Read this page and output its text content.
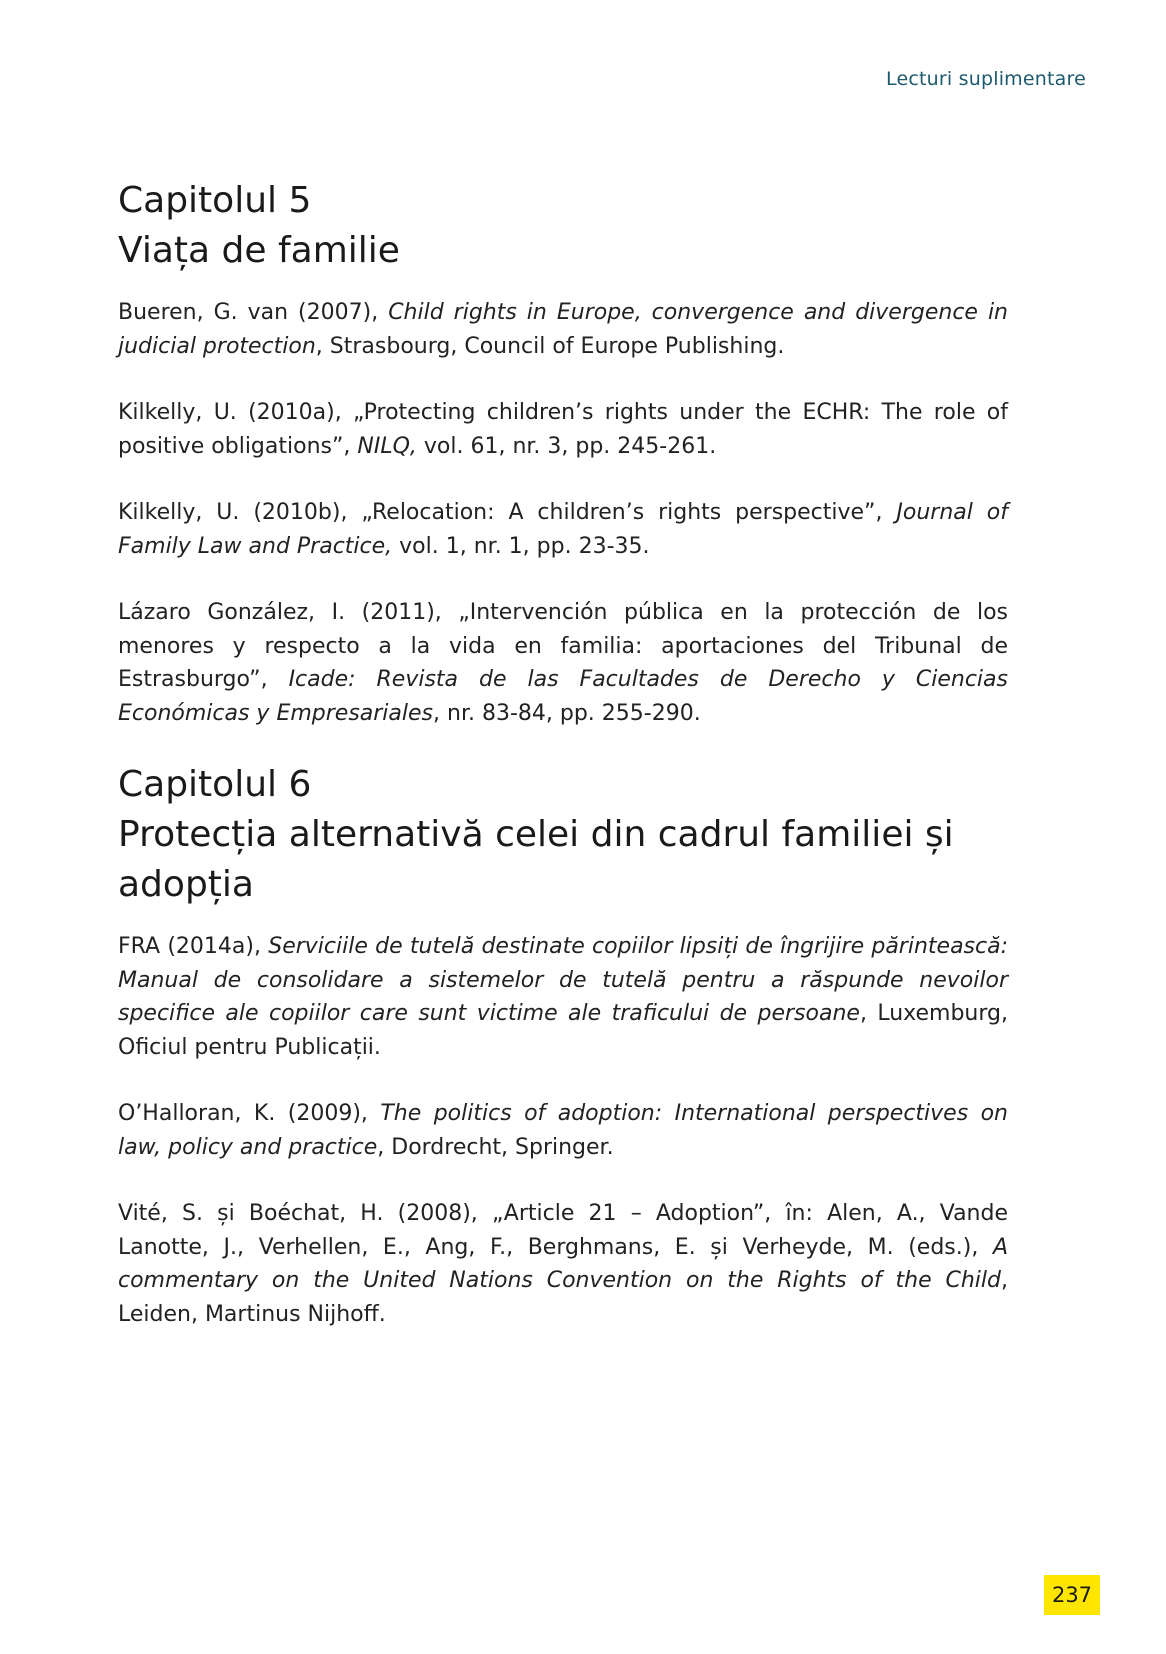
Lecturi suplimentare
Capitolul 5
Viața de familie

Bueren, G. van (2007), Child rights in Europe, convergence and divergence in judicial protection, Strasbourg, Council of Europe Publishing.

Kilkelly, U. (2010a), „Protecting children’s rights under the ECHR: The role of positive obligations”, NILQ, vol. 61, nr. 3, pp. 245-261.

Kilkelly, U. (2010b), „Relocation: A children’s rights perspective”, Journal of Family Law and Practice, vol. 1, nr. 1, pp. 23-35.

Lázaro González, I. (2011), „Intervención pública en la protección de los menores y respecto a la vida en familia: aportaciones del Tribunal de Estrasburgo”, Icade: Revista de las Facultades de Derecho y Ciencias Económicas y Empresariales, nr. 83-84, pp. 255-290.

Capitolul 6
Protecția alternativă celei din cadrul familiei și adopția

FRA (2014a), Serviciile de tutelă destinate copiilor lipsiți de îngrijire părintească: Manual de consolidare a sistemelor de tutelă pentru a răspunde nevoilor specifice ale copiilor care sunt victime ale traficului de persoane, Luxemburg, Oficiul pentru Publicații.

O’Halloran, K. (2009), The politics of adoption: International perspectives on law, policy and practice, Dordrecht, Springer.

Vité, S. și Boéchat, H. (2008), „Article 21 – Adoption”, în: Alen, A., Vande Lanotte, J., Verhellen, E., Ang, F., Berghmans, E. și Verheyde, M. (eds.), A commentary on the United Nations Convention on the Rights of the Child, Leiden, Martinus Nijhoff.

237
